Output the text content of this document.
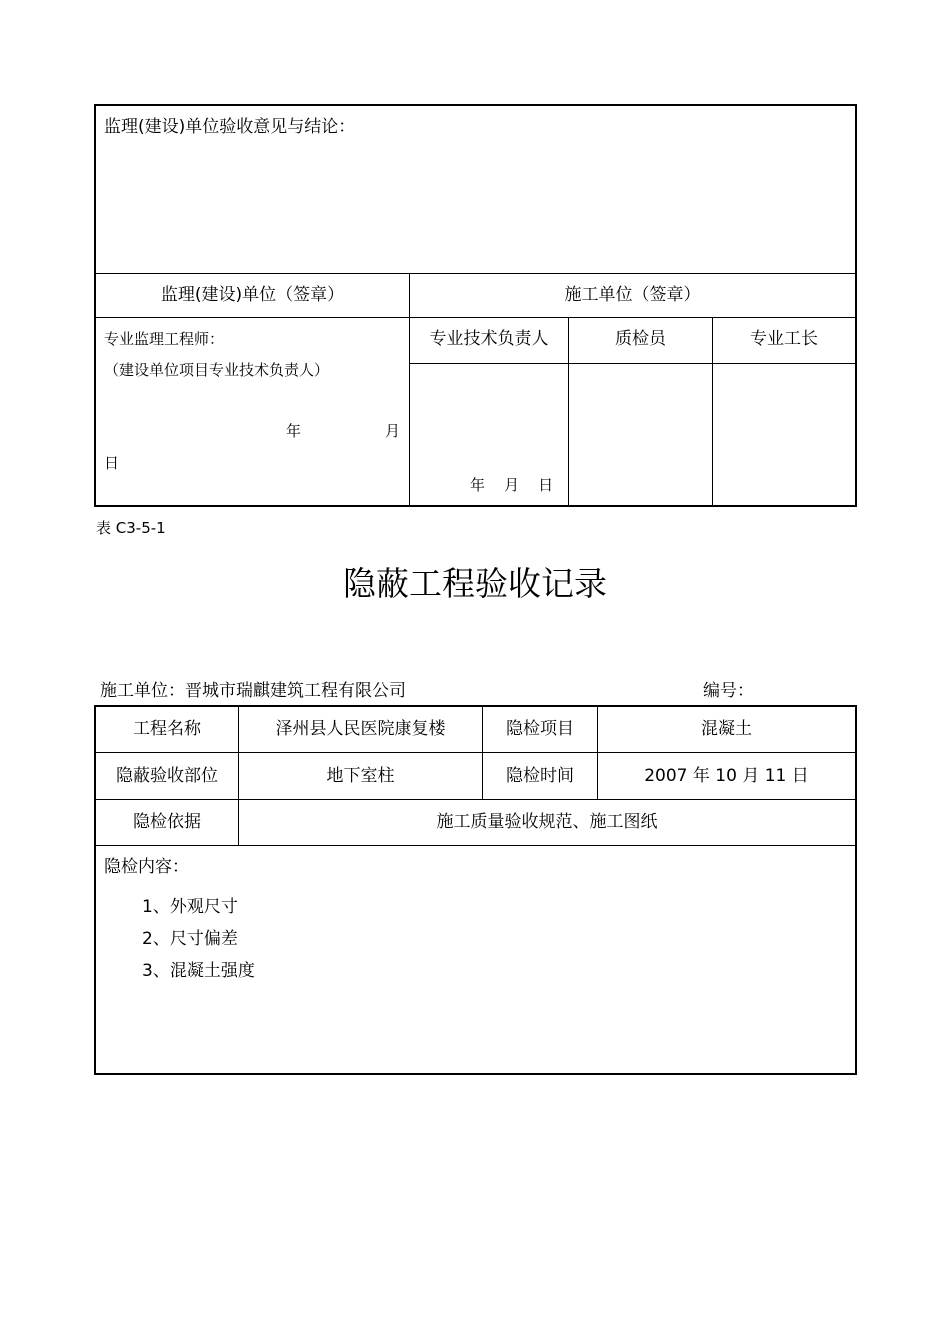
监理(建设)单位验收意见与结论：
监理(建设)单位（签章）	施工单位（签章）
专业监理工程师：
（建设单位项目专业技术负责人）
年	月
日
专业技术负责人	质检员	专业工长
年    月    日
表 C3-5-1
隐蔽工程验收记录
施工单位：晋城市瑞麒建筑工程有限公司	编号：
工程名称	泽州县人民医院康复楼	隐检项目	混凝土
隐蔽验收部位	地下室柱	隐检时间	2007 年 10 月 11 日
隐检依据	施工质量验收规范、施工图纸
隐检内容：
1、外观尺寸
2、尺寸偏差
3、混凝土强度
